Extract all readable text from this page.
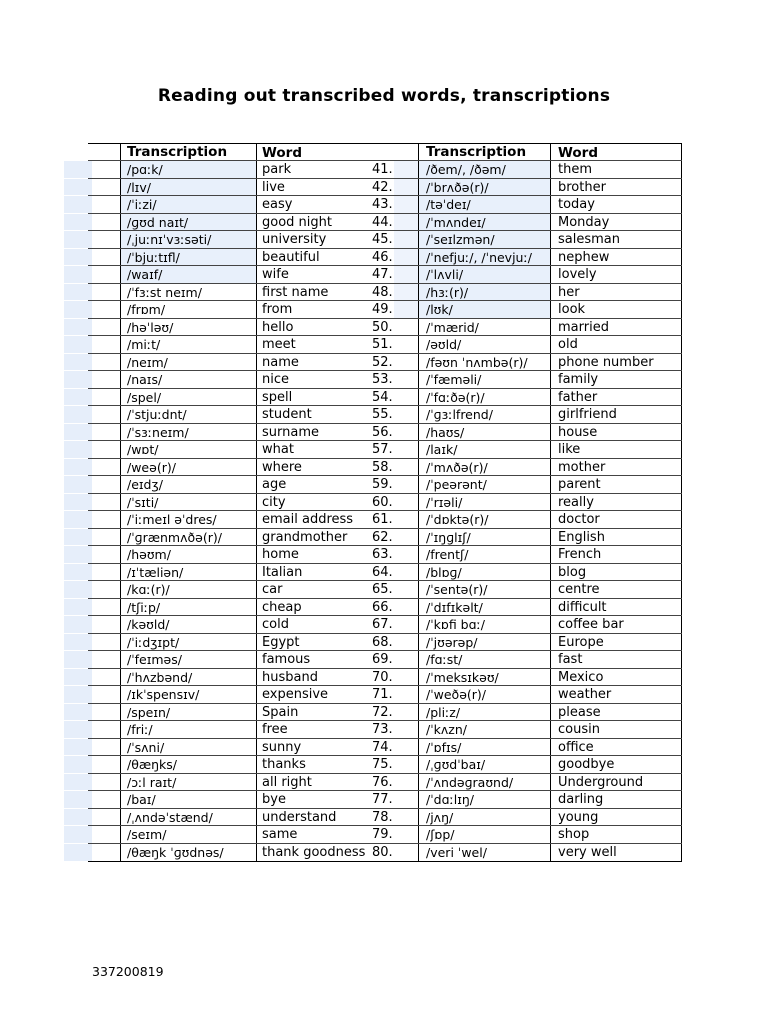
Reading out transcribed words, transcriptions
Transcription	Word	Transcription	Word
/pɑːk/	park	41.	/ðem/, /ðəm/	them
/lɪv/	live	42.	/ˈbrʌðə(r)/	brother
/ˈiːzi/	easy	43.	/təˈdeɪ/	today
/ɡʊd naɪt/	good night	44.	/ˈmʌndeɪ/	Monday
/ˌjuːnɪˈvɜːsəti/	university	45.	/ˈseɪlzmən/	salesman
/ˈbjuːtɪfl/	beautiful	46.	/ˈnefjuː/, /ˈnevjuː/	nephew
/waɪf/	wife	47.	/ˈlʌvli/	lovely
/ˈfɜːst neɪm/	first name	48.	/hɜː(r)/	her
/frɒm/	from	49.	/lʊk/	look
/həˈləʊ/	hello	50.	/ˈmærid/	married
/miːt/	meet	51.	/əʊld/	old
/neɪm/	name	52.	/fəʊn ˈnʌmbə(r)/	phone number
/naɪs/	nice	53.	/ˈfæməli/	family
/spel/	spell	54.	/ˈfɑːðə(r)/	father
/ˈstjuːdnt/	student	55.	/ˈɡɜːlfrend/	girlfriend
/ˈsɜːneɪm/	surname	56.	/haʊs/	house
/wɒt/	what	57.	/laɪk/	like
/weə(r)/	where	58.	/ˈmʌðə(r)/	mother
/eɪdʒ/	age	59.	/ˈpeərənt/	parent
/ˈsɪti/	city	60.	/ˈrɪəli/	really
/ˈiːmeɪl əˈdres/	email address	61.	/ˈdɒktə(r)/	doctor
/ˈɡrænmʌðə(r)/	grandmother	62.	/ˈɪŋɡlɪʃ/	English
/həʊm/	home	63.	/frentʃ/	French
/ɪˈtæliən/	Italian	64.	/blɒɡ/	blog
/kɑː(r)/	car	65.	/ˈsentə(r)/	centre
/tʃiːp/	cheap	66.	/ˈdɪfɪkəlt/	difficult
/kəʊld/	cold	67.	/ˈkɒfi bɑː/	coffee bar
/ˈiːdʒɪpt/	Egypt	68.	/ˈjʊərəp/	Europe
/ˈfeɪməs/	famous	69.	/fɑːst/	fast
/ˈhʌzbənd/	husband	70.	/ˈmeksɪkəʊ/	Mexico
/ɪkˈspensɪv/	expensive	71.	/ˈweðə(r)/	weather
/speɪn/	Spain	72.	/pliːz/	please
/friː/	free	73.	/ˈkʌzn/	cousin
/ˈsʌni/	sunny	74.	/ˈɒfɪs/	office
/θæŋks/	thanks	75.	/ˌɡʊdˈbaɪ/	goodbye
/ɔːl raɪt/	all right	76.	/ˈʌndəɡraʊnd/	Underground
/baɪ/	bye	77.	/ˈdɑːlɪŋ/	darling
/ˌʌndəˈstænd/	understand	78.	/jʌŋ/	young
/seɪm/	same	79.	/ʃɒp/	shop
/θæŋk ˈɡʊdnəs/	thank goodness 80.	/veri ˈwel/	very well
337200819
